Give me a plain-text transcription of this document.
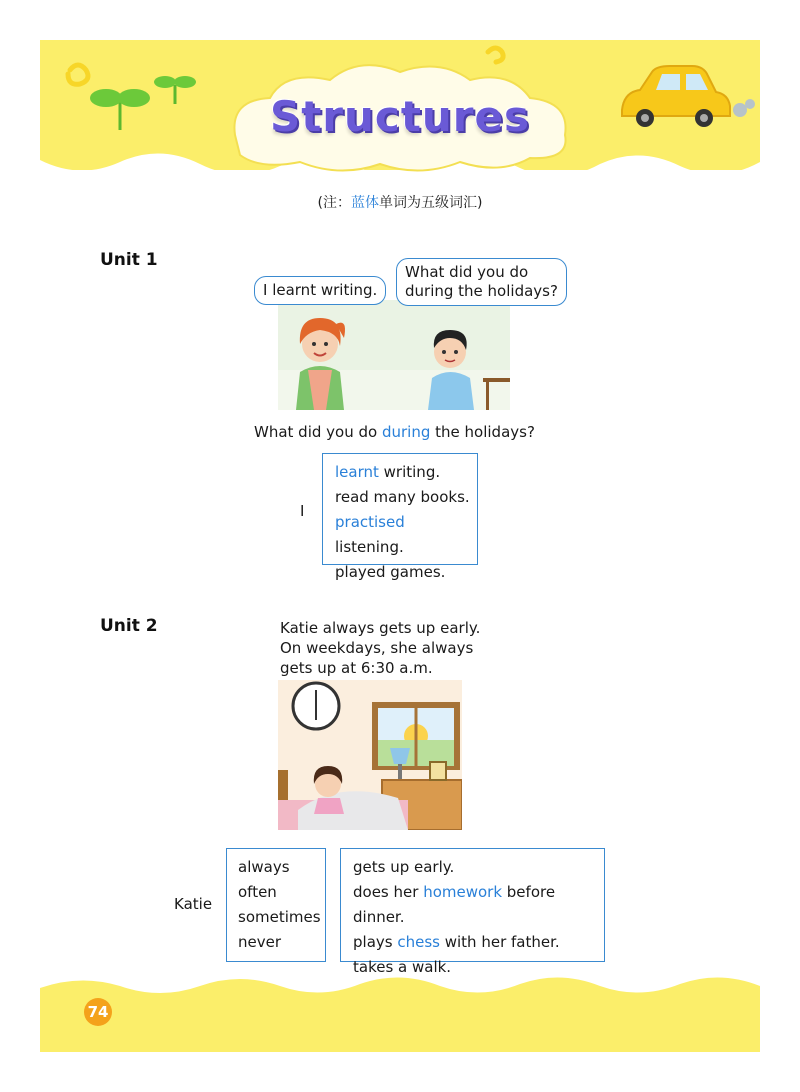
Structures
(注：蓝体单词为五级词汇)
Unit 1
I learnt writing.
What did you do
during the holidays?
What did you do during the holidays?
I
learnt writing.
read many books.
practised listening.
played games.
Unit 2	Katie always gets up early.
On weekdays, she always
gets up at 6:30 a.m.
Katie
always
often
sometimes
never
gets up early.
does her homework before dinner.
plays chess with her father.
takes a walk.
74
